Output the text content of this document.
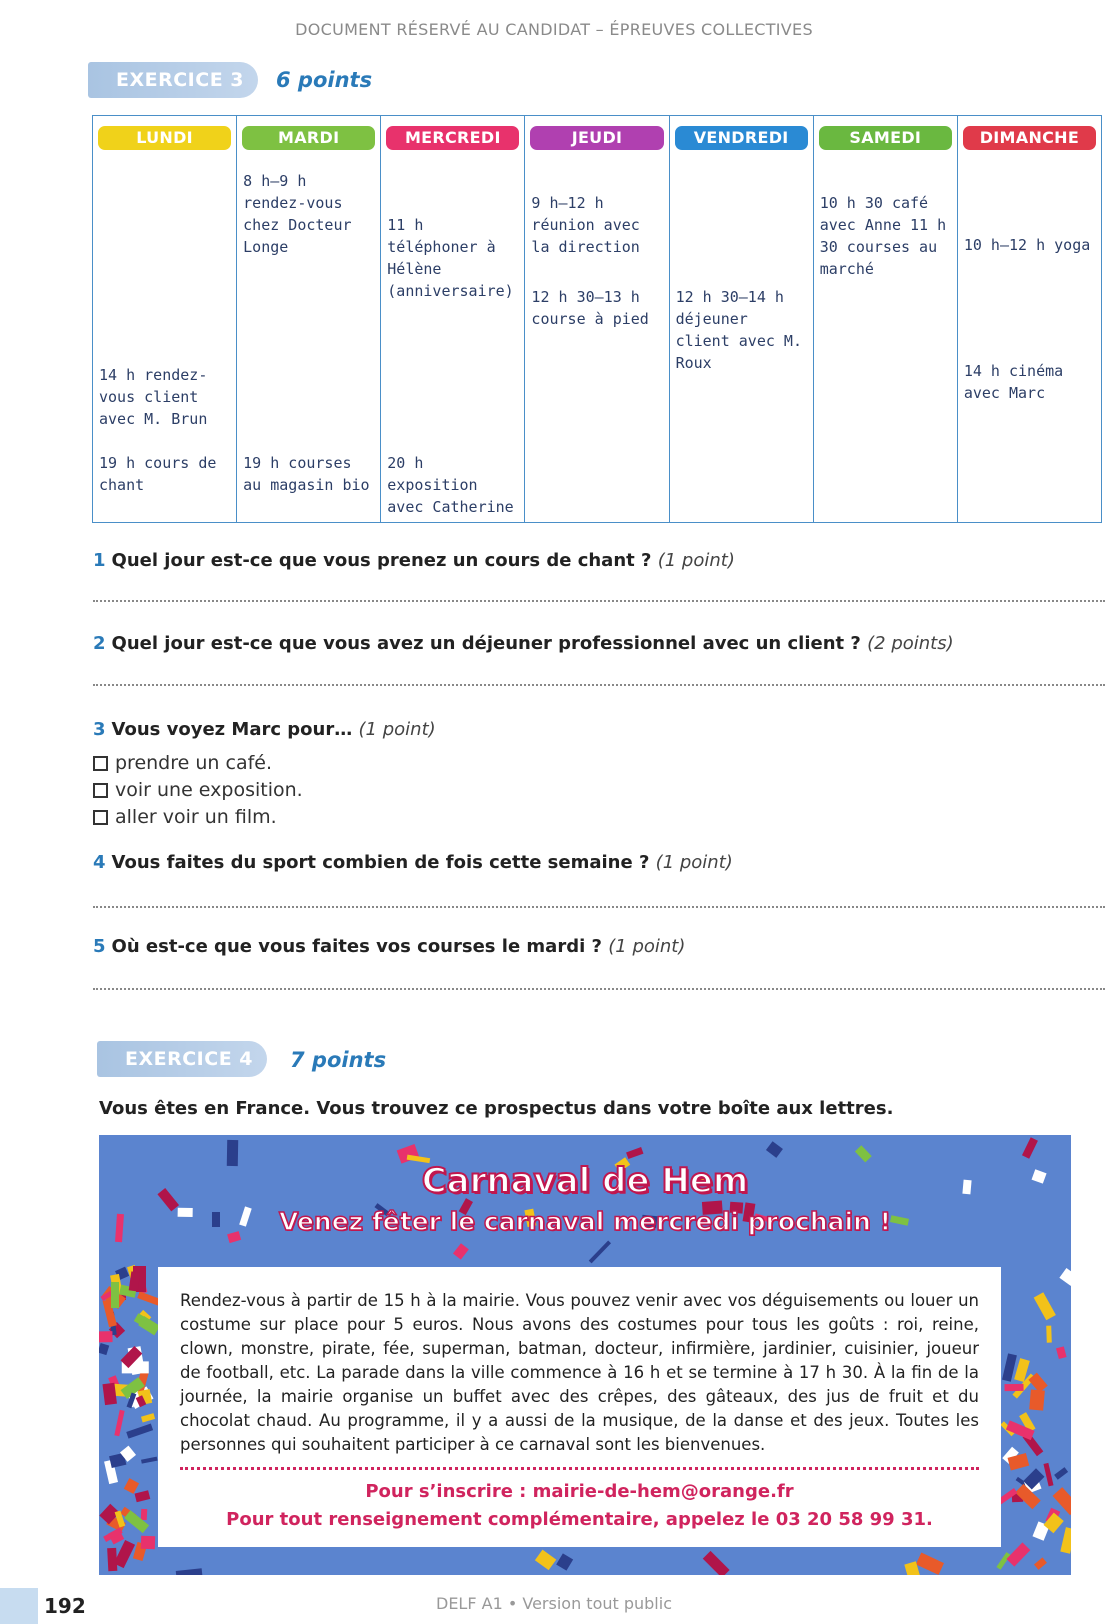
DOCUMENT RÉSERVÉ AU CANDIDAT – ÉPREUVES COLLECTIVES
EXERCICE 3	6 points
LUNDI
14 h rendez-vous client avec M. Brun
19 h cours de chant
MARDI
8 h–9 h rendez-vous chez Docteur Longe
19 h courses au magasin bio
MERCREDI
11 h téléphoner à Hélène (anniversaire)
20 h exposition avec Catherine
JEUDI
9 h–12 h réunion avec la direction
12 h 30–13 h course à pied
VENDREDI
12 h 30–14 h déjeuner client avec M. Roux
SAMEDI
10 h 30 café avec Anne 11 h 30 courses au marché
DIMANCHE
10 h–12 h yoga
14 h cinéma avec Marc
1 Quel jour est-ce que vous prenez un cours de chant ? (1 point)
2 Quel jour est-ce que vous avez un déjeuner professionnel avec un client ? (2 points)
3 Vous voyez Marc pour… (1 point)
prendre un café.
voir une exposition.
aller voir un film.
4 Vous faites du sport combien de fois cette semaine ? (1 point)
5 Où est-ce que vous faites vos courses le mardi ? (1 point)
EXERCICE 4	7 points
Vous êtes en France. Vous trouvez ce prospectus dans votre boîte aux lettres.
Carnaval de Hem
Venez fêter le carnaval mercredi prochain !

Rendez-vous à partir de 15 h à la mairie. Vous pouvez venir avec vos déguisements ou louer un costume sur place pour 5 euros. Nous avons des costumes pour tous les goûts : roi, reine, clown, monstre, pirate, fée, superman, batman, docteur, infirmière, jardinier, cuisinier, joueur de football, etc. La parade dans la ville commence à 16 h et se termine à 17 h 30. À la fin de la journée, la mairie organise un buffet avec des crêpes, des gâteaux, des jus de fruit et du chocolat chaud. Au programme, il y a aussi de la musique, de la danse et des jeux. Toutes les personnes qui souhaitent participer à ce carnaval sont les bienvenues.

Pour s’inscrire : mairie-de-hem@orange.fr
Pour tout renseignement complémentaire, appelez le 03 20 58 99 31.
192	DELF A1 • Version tout public
